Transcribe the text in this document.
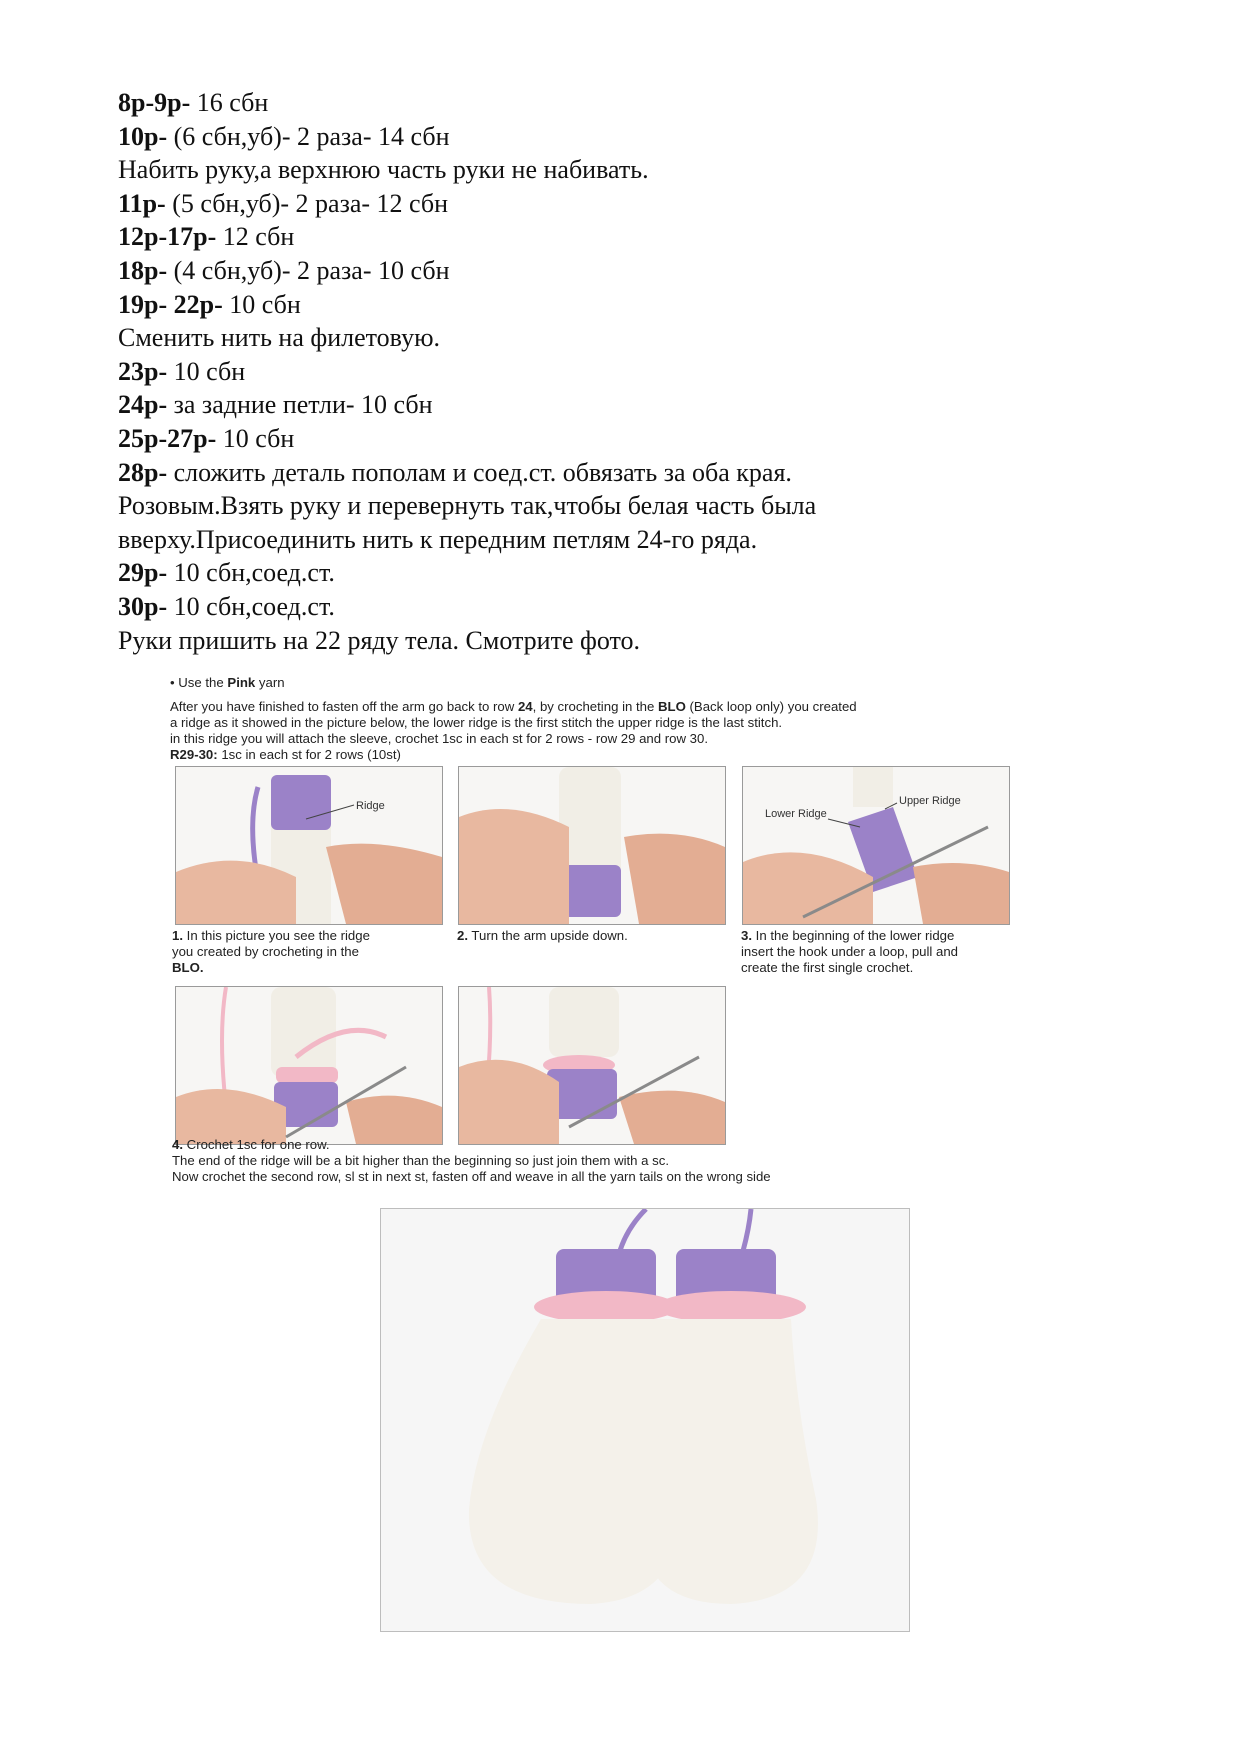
8р-9р- 16 сбн
10р- (6 сбн,уб)- 2 раза- 14 сбн
Набить руку,а верхнюю часть руки не набивать.
11р- (5 сбн,уб)- 2 раза- 12 сбн
12р-17р- 12 сбн
18р- (4 сбн,уб)- 2 раза- 10 сбн
19р- 22р- 10 сбн
Сменить нить на филетовую.
23р- 10 сбн
24р- за задние петли- 10 сбн
25р-27р- 10 сбн
28р- сложить деталь пополам и соед.ст. обвязать за оба края.
Розовым.Взять руку и перевернуть так,чтобы белая часть была
вверху.Присоединить нить к передним петлям 24-го ряда.
29р- 10 сбн,соед.ст.
30р- 10 сбн,соед.ст.
Руки пришить на 22 ряду тела. Смотрите фото.
• Use the Pink yarn

After you have finished to fasten off the arm go back to row 24, by crocheting in the BLO (Back loop only) you created

a ridge as it showed in the picture below, the lower ridge is the first stitch the upper ridge is the last stitch.

in this ridge you will attach the sleeve, crochet 1sc in each st for 2 rows - row 29 and row 30.

R29-30: 1sc in each st for 2 rows (10st)

Ridge
Lower Ridge
Upper Ridge

1. In this picture you see the ridge

you created by crocheting in the

BLO.

2. Turn the arm upside down.	3. In the beginning of the lower ridge

insert the hook under a loop, pull and

create the first single crochet.

4. Crochet 1sc for one row.

The end of the ridge will be a bit higher than the beginning so just join them with a sc.

Now crochet the second row, sl st in next st, fasten off and weave in all the yarn tails on the wrong side
